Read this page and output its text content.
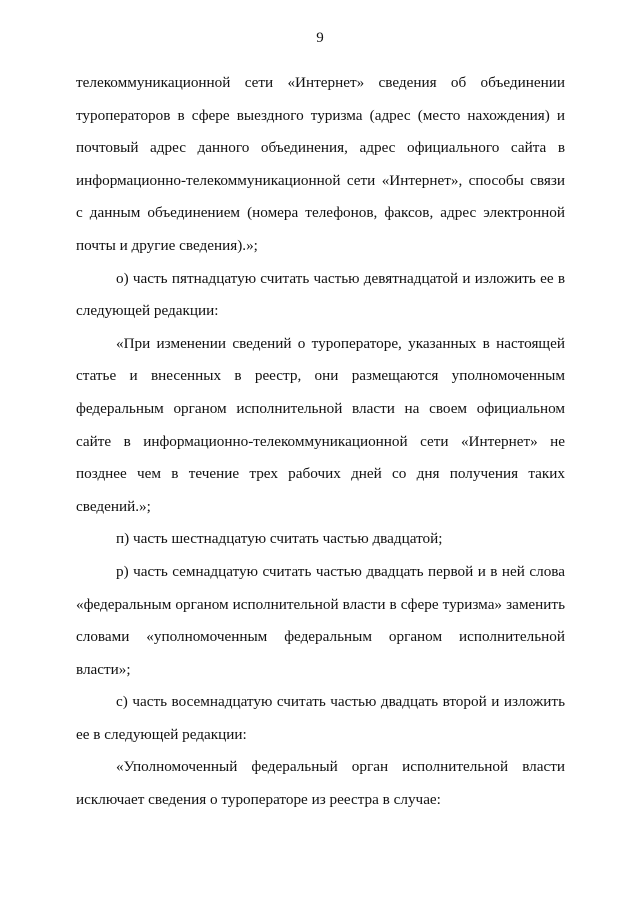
9

телекоммуникационной сети «Интернет» сведения об объединении туроператоров в сфере выездного туризма (адрес (место нахождения) и почтовый адрес данного объединения, адрес официального сайта в информационно-телекоммуникационной сети «Интернет», способы связи с данным объединением (номера телефонов, факсов, адрес электронной почты и другие сведения).»;

о) часть пятнадцатую считать частью девятнадцатой и изложить ее в следующей редакции:

«При изменении сведений о туроператоре, указанных в настоящей статье и внесенных в реестр, они размещаются уполномоченным федеральным органом исполнительной власти на своем официальном сайте в информационно-телекоммуникационной сети «Интернет» не позднее чем в течение трех рабочих дней со дня получения таких сведений.»;

п) часть шестнадцатую считать частью двадцатой;

р) часть семнадцатую считать частью двадцать первой и в ней слова «федеральным органом исполнительной власти в сфере туризма» заменить словами «уполномоченным федеральным органом исполнительной власти»;

с) часть восемнадцатую считать частью двадцать второй и изложить ее в следующей редакции:

«Уполномоченный федеральный орган исполнительной власти исключает сведения о туроператоре из реестра в случае:
